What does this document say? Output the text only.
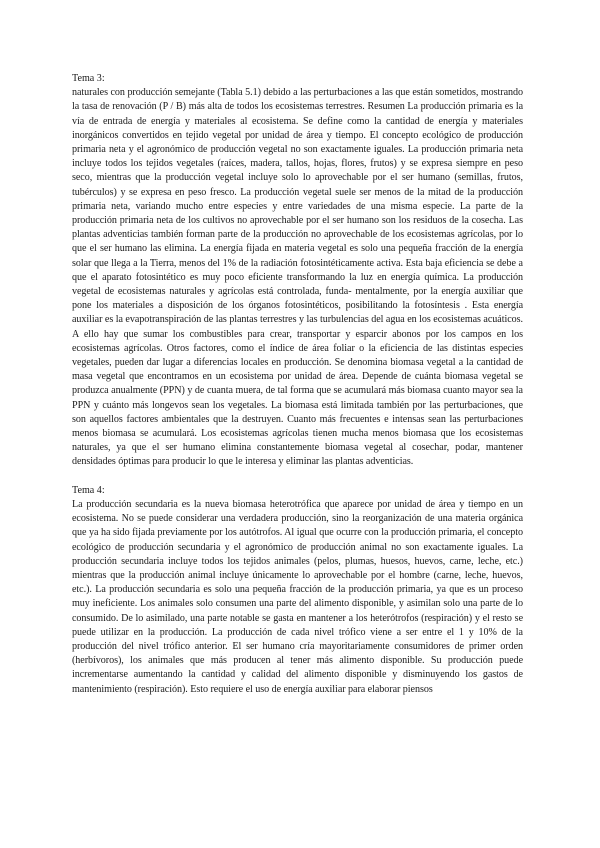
Tema 3:

naturales con producción semejante (Tabla 5.1) debido a las perturbaciones a las que están sometidos, mostrando la tasa de renovación (P / B) más alta de todos los ecosistemas terrestres. Resumen La producción primaria es la vía de entrada de energía y materiales al ecosistema. Se define como la cantidad de energía y materiales inorgánicos convertidos en tejido vegetal por unidad de área y tiempo. El concepto ecológico de producción primaria neta y el agronómico de producción vegetal no son exactamente iguales. La producción primaria neta incluye todos los tejidos vegetales (raíces, madera, tallos, hojas, flores, frutos) y se expresa siempre en peso seco, mientras que la producción vegetal incluye solo lo aprovechable por el ser humano (semillas, frutos, tubérculos) y se expresa en peso fresco. La producción vegetal suele ser menos de la mitad de la producción primaria neta, variando mucho entre especies y entre variedades de una misma especie. La parte de la producción primaria neta de los cultivos no aprovechable por el ser humano son los residuos de la cosecha. Las plantas adventicias también forman parte de la producción no aprovechable de los ecosistemas agrícolas, por lo que el ser humano las elimina. La energía fijada en materia vegetal es solo una pequeña fracción de la energía solar que llega a la Tierra, menos del 1% de la radiación fotosintéticamente activa. Esta baja eficiencia se debe a que el aparato fotosintético es muy poco eficiente transformando la luz en energía química. La producción vegetal de ecosistemas naturales y agrícolas está controlada, funda- mentalmente, por la energía auxiliar que pone los materiales a disposición de los órganos fotosintéticos, posibilitando la fotosíntesis . Esta energía auxiliar es la evapotranspiración de las plantas terrestres y las turbulencias del agua en los ecosistemas acuáticos. A ello hay que sumar los combustibles para crear, transportar y esparcir abonos por los campos en los ecosistemas agrícolas. Otros factores, como el índice de área foliar o la eficiencia de las distintas especies vegetales, pueden dar lugar a diferencias locales en producción. Se denomina biomasa vegetal a la cantidad de masa vegetal que encontramos en un ecosistema por unidad de área. Depende de cuánta biomasa vegetal se produzca anualmente (PPN) y de cuanta muera, de tal forma que se acumulará más biomasa cuanto mayor sea la PPN y cuánto más longevos sean los vegetales. La biomasa está limitada también por las perturbaciones, que son aquellos factores ambientales que la destruyen. Cuanto más frecuentes e intensas sean las perturbaciones menos biomasa se acumulará. Los ecosistemas agrícolas tienen mucha menos biomasa que los ecosistemas naturales, ya que el ser humano elimina constantemente biomasa vegetal al cosechar, podar, mantener densidades óptimas para producir lo que le interesa y eliminar las plantas adventicias.

Tema 4:

La producción secundaria es la nueva biomasa heterotrófica que aparece por unidad de área y tiempo en un ecosistema. No se puede considerar una verdadera producción, sino la reorganización de una materia orgánica que ya ha sido fijada previamente por los autótrofos. Al igual que ocurre con la producción primaria, el concepto ecológico de producción secundaria y el agronómico de producción animal no son exactamente iguales. La producción secundaria incluye todos los tejidos animales (pelos, plumas, huesos, huevos, carne, leche, etc.) mientras que la producción animal incluye únicamente lo aprovechable por el hombre (carne, leche, huevos, etc.). La producción secundaria es solo una pequeña fracción de la producción primaria, ya que es un proceso muy ineficiente. Los animales solo consumen una parte del alimento disponible, y asimilan solo una parte de lo consumido. De lo asimilado, una parte notable se gasta en mantener a los heterótrofos (respiración) y el resto se puede utilizar en la producción. La producción de cada nivel trófico viene a ser entre el 1 y 10% de la producción del nivel trófico anterior. El ser humano cría mayoritariamente consumidores de primer orden (herbívoros), los animales que más producen al tener más alimento disponible. Su producción puede incrementarse aumentando la cantidad y calidad del alimento disponible y disminuyendo los gastos de mantenimiento (respiración). Esto requiere el uso de energía auxiliar para elaborar piensos
